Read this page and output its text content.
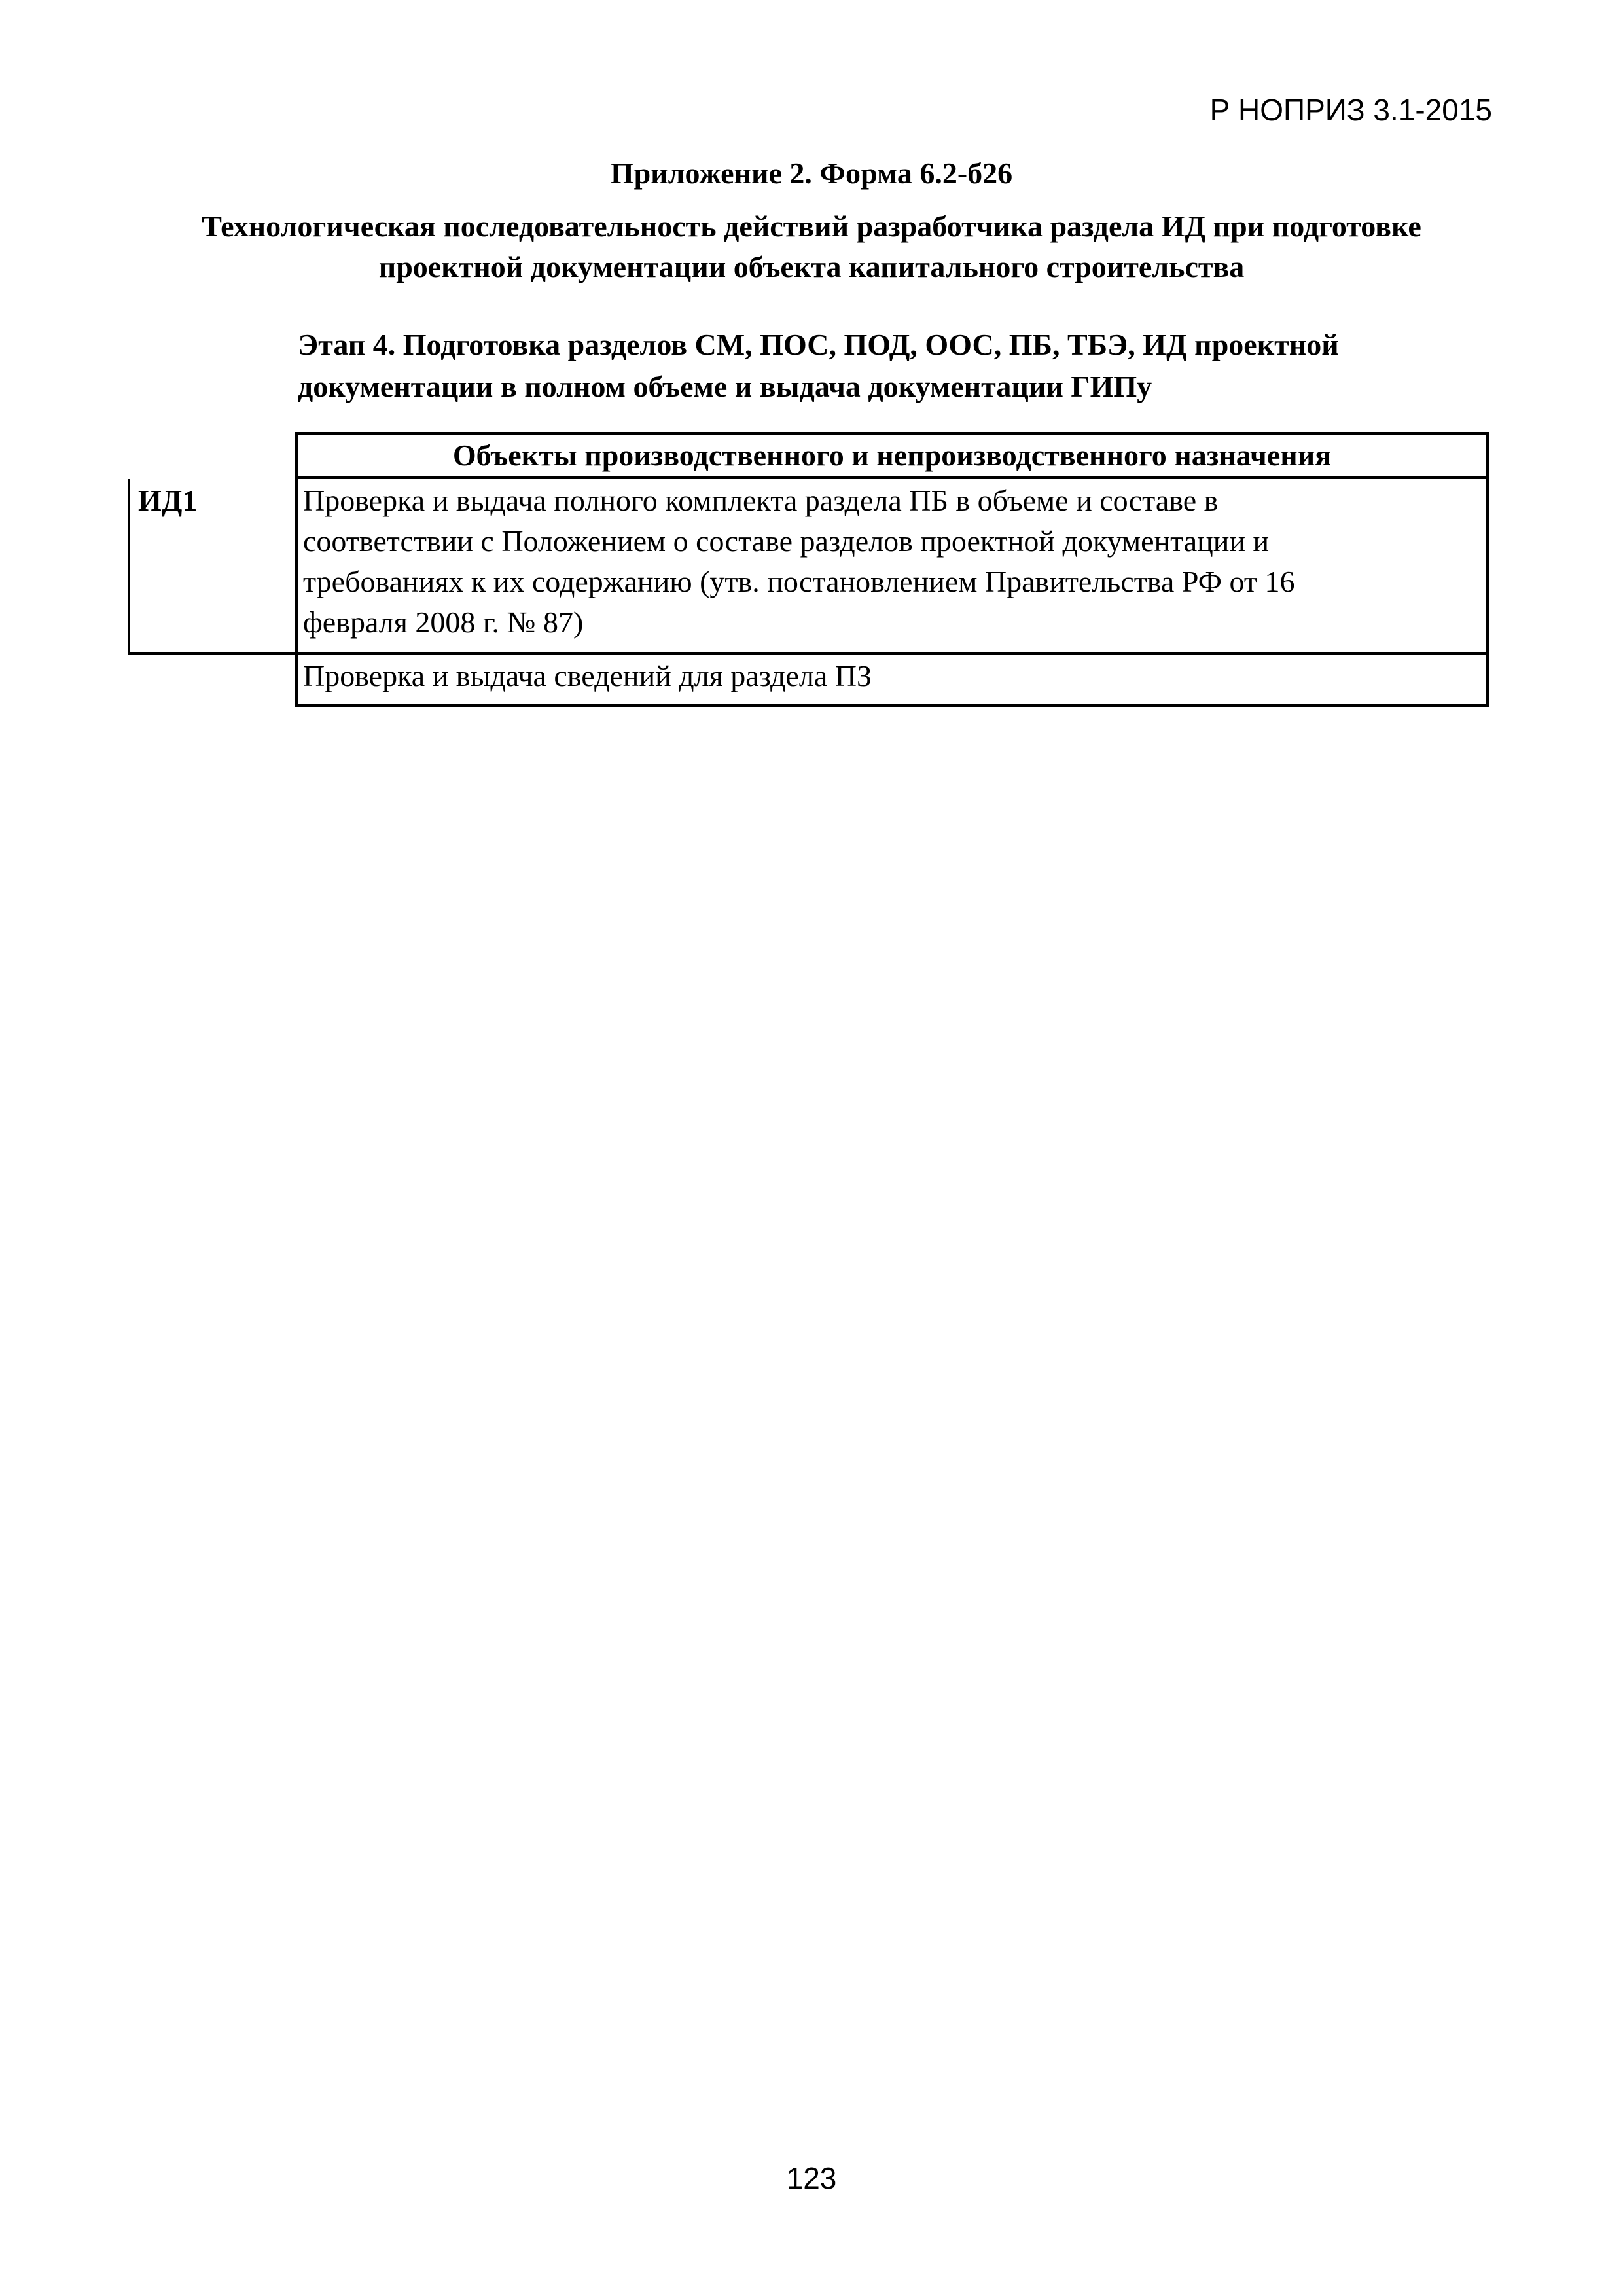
Р НОПРИЗ 3.1-2015
Приложение 2. Форма 6.2-б26
Технологическая последовательность действий разработчика раздела ИД при подготовке
проектной документации объекта капитального строительства
Этап 4. Подготовка разделов СМ, ПОС, ПОД, ООС, ПБ, ТБЭ, ИД проектной
документации в полном объеме и выдача документации ГИПу
Объекты производственного и непроизводственного назначения
ИД1	Проверка и выдача полного комплекта раздела ПБ в объеме и составе в
соответствии с Положением о составе разделов проектной документации и
требованиях к их содержанию (утв. постановлением Правительства РФ от 16
февраля 2008 г. № 87)
Проверка и выдача сведений для раздела ПЗ
123
